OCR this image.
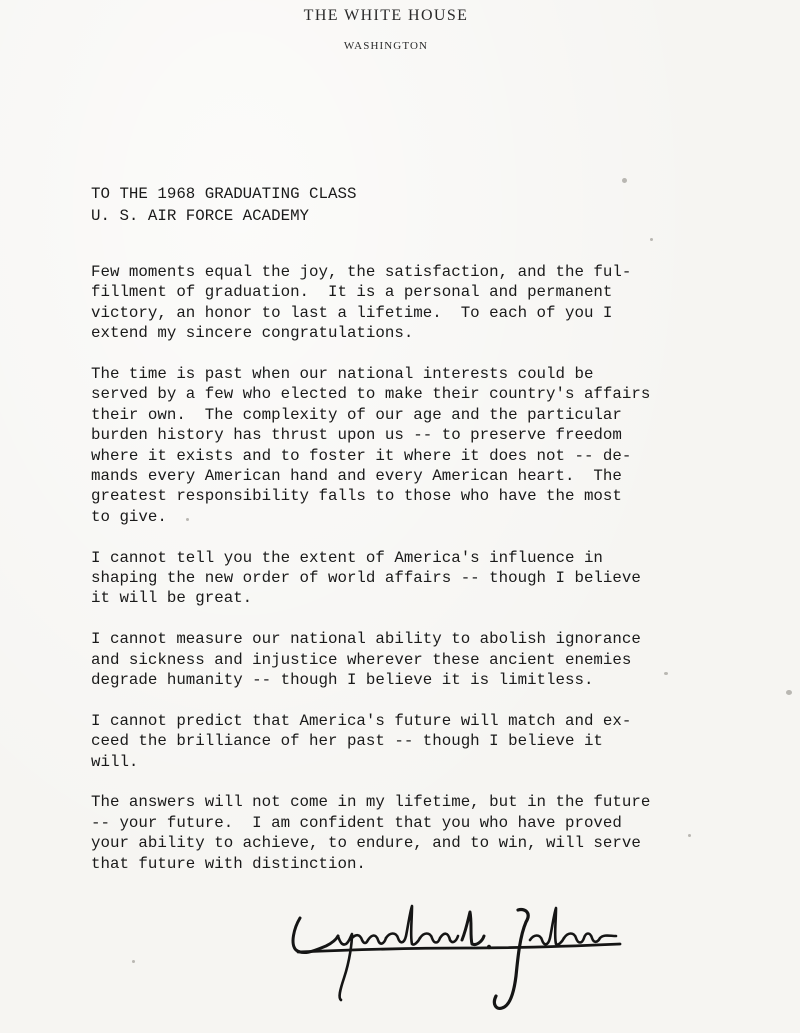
THE WHITE HOUSE
WASHINGTON
TO THE 1968 GRADUATING CLASS
U. S. AIR FORCE ACADEMY
Few moments equal the joy, the satisfaction, and the ful-
fillment of graduation.  It is a personal and permanent
victory, an honor to last a lifetime.  To each of you I
extend my sincere congratulations.
The time is past when our national interests could be
served by a few who elected to make their country's affairs
their own.  The complexity of our age and the particular
burden history has thrust upon us -- to preserve freedom
where it exists and to foster it where it does not -- de-
mands every American hand and every American heart.  The
greatest responsibility falls to those who have the most
to give.
I cannot tell you the extent of America's influence in
shaping the new order of world affairs -- though I believe
it will be great.
I cannot measure our national ability to abolish ignorance
and sickness and injustice wherever these ancient enemies
degrade humanity -- though I believe it is limitless.
I cannot predict that America's future will match and ex-
ceed the brilliance of her past -- though I believe it
will.
The answers will not come in my lifetime, but in the future
-- your future.  I am confident that you who have proved
your ability to achieve, to endure, and to win, will serve
that future with distinction.
